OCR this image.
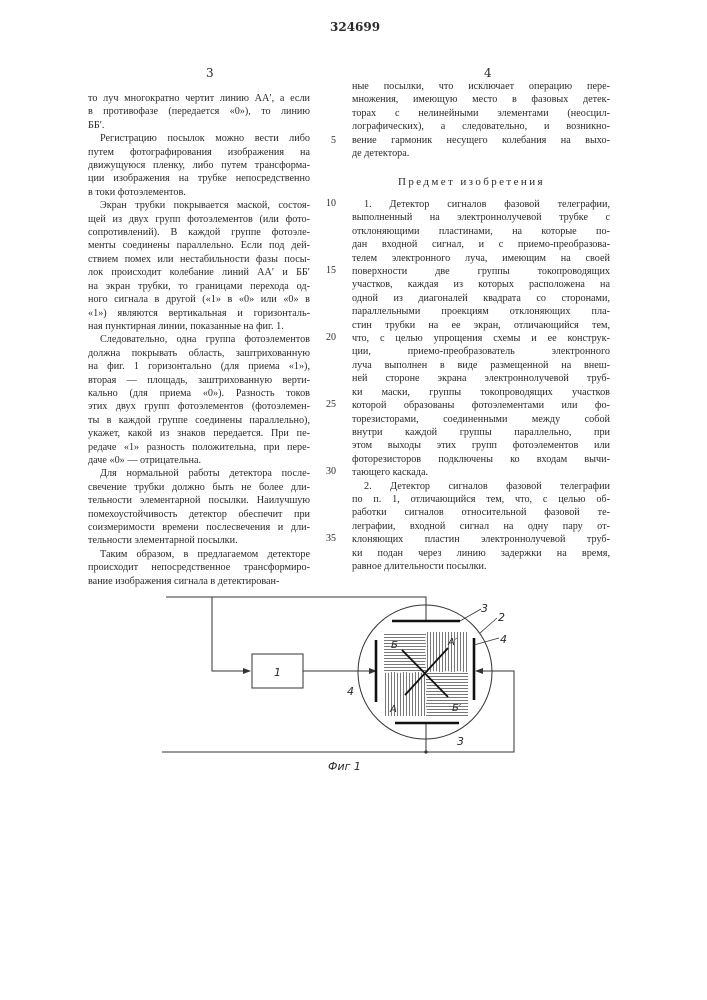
324699
3	4
то луч многократно чертит линию АА′, а если
в противофазе (передается «0»), то линию
ББ′.
Регистрацию посылок можно вести либо
путем фотографирования изображения на
движущуюся пленку, либо путем трансформа-
ции изображения на трубке непосредственно
в токи фотоэлементов.
Экран трубки покрывается маской, состоя-
щей из двух групп фотоэлементов (или фото-
сопротивлений). В каждой группе фотоэле-
менты соединены параллельно. Если под дей-
ствием помех или нестабильности фазы посы-
лок происходит колебание линий АА′ и ББ′
на экран трубки, то границами перехода од-
ного сигнала в другой («1» в «0» или «0» в
«1») являются вертикальная и горизонталь-
ная пунктирная линии, показанные на фиг. 1.
Следовательно, одна группа фотоэлементов
должна покрывать область, заштрихованную
на фиг. 1 горизонтально (для приема «1»),
вторая — площадь, заштрихованную верти-
кально (для приема «0»). Разность токов
этих двух групп фотоэлементов (фотоэлемен-
ты в каждой группе соединены параллельно),
укажет, какой из знаков передается. При пе-
редаче «1» разность положительна, при пере-
даче «0» — отрицательна.
Для нормальной работы детектора после-
свечение трубки должно быть не более дли-
тельности элементарной посылки. Наилучшую
помехоустойчивость детектор обеспечит при
соизмеримости времени послесвечения и дли-
тельности элементарной посылки.
Таким образом, в предлагаемом детекторе
происходит непосредственное трансформиро-
вание изображения сигнала в детектирован-
ные посылки, что исключает операцию пере-
множения, имеющую место в фазовых детек-
торах с нелинейными элементами (неосцил-
лографических), а следовательно, и возникно-
вение гармоник несущего колебания на выхо-
де детектора.
Предмет изобретения
1. Детектор сигналов фазовой телеграфии,
выполненный на электроннолучевой трубке с
отклоняющими пластинами, на которые по-
дан входной сигнал, и с приемо-преобразова-
телем электронного луча, имеющим на своей
поверхности две группы токопроводящих
участков, каждая из которых расположена на
одной из диагоналей квадрата со сторонами,
параллельными проекциям отклоняющих пла-
стин трубки на ее экран, отличающийся тем,
что, с целью упрощения схемы и ее конструк-
ции, приемо-преобразователь электронного
луча выполнен в виде размещенной на внеш-
ней стороне экрана электроннолучевой труб-
ки маски, группы токопроводящих участков
которой образованы фотоэлементами или фо-
торезисторами, соединенными между собой
внутри каждой группы параллельно, при
этом выходы этих групп фотоэлементов или
фоторезисторов подключены ко входам вычи-
тающего каскада.
2. Детектор сигналов фазовой телеграфии
по п. 1, отличающийся тем, что, с целью об-
работки сигналов относительной фазовой те-
леграфии, входной сигнал на одну пару от-
клоняющих пластин электроннолучевой труб-
ки подан через линию задержки на время,
равное длительности посылки.
5
10
15
20
25
30
35
3
2
4
4
3
1
Б	А′
А	Б′
Фиг 1
